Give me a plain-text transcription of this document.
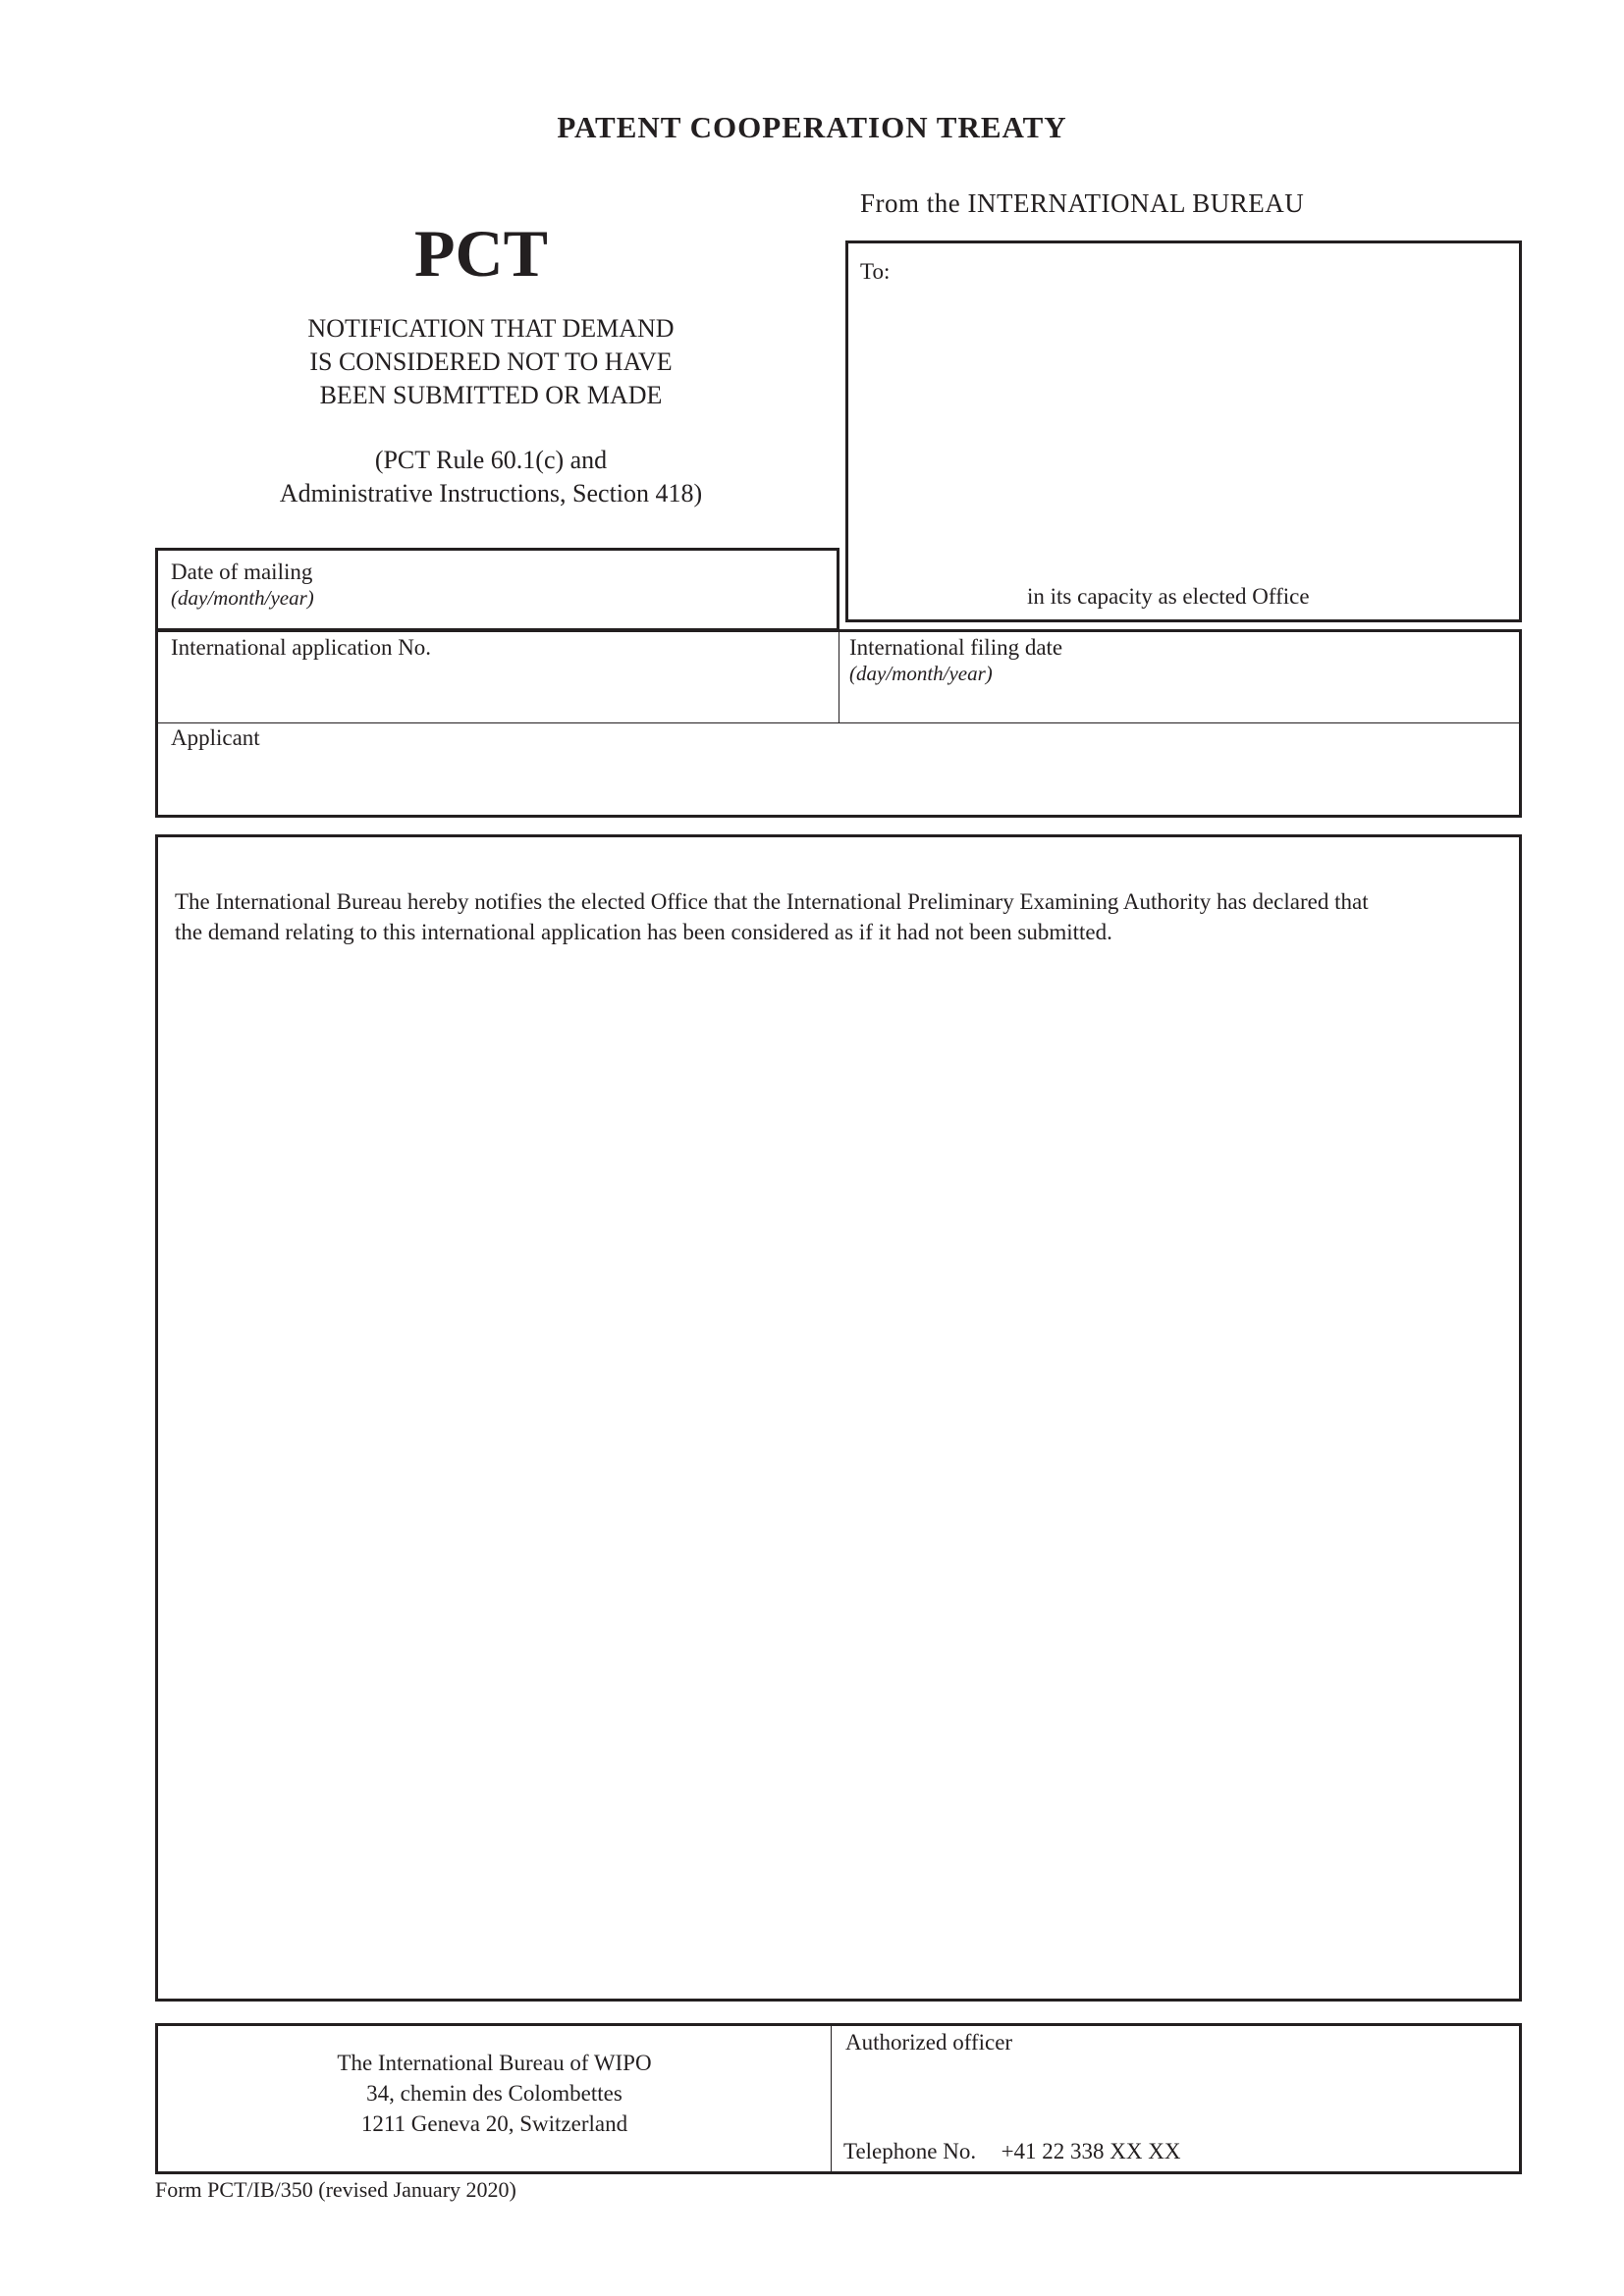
PATENT COOPERATION TREATY
From the INTERNATIONAL BUREAU
PCT
NOTIFICATION THAT DEMAND
IS CONSIDERED NOT TO HAVE
BEEN SUBMITTED OR MADE
(PCT Rule 60.1(c) and
Administrative Instructions, Section 418)
To:
in its capacity as elected Office
Date of mailing
(day/month/year)
International application No.	International filing date
(day/month/year)
Applicant
The International Bureau hereby notifies the elected Office that the International Preliminary Examining Authority has declared that
the demand relating to this international application has been considered as if it had not been submitted.
The International Bureau of WIPO
34, chemin des Colombettes
1211 Geneva 20, Switzerland
Authorized officer
Telephone No. +41 22 338 XX XX
Form PCT/IB/350 (revised January 2020)
